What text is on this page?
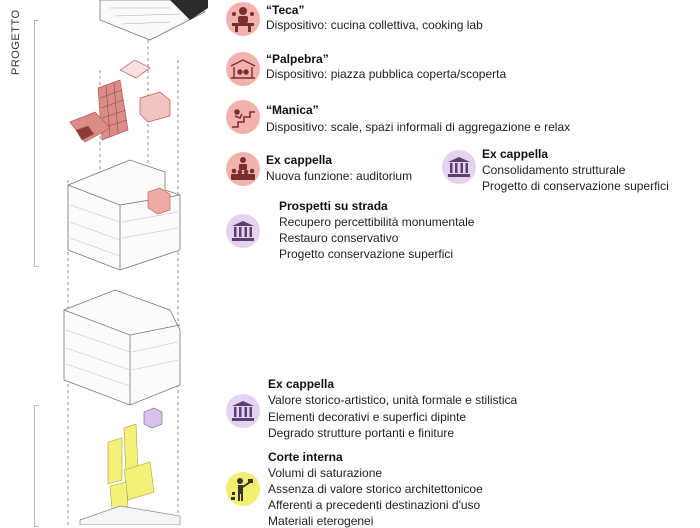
PROGETTO	“Teca”
Dispositivo: cucina collettiva, cooking lab
“Palpebra”
Dispositivo: piazza pubblica coperta/scoperta
“Manica”
Dispositivo: scale, spazi informali di aggregazione e relax
Ex cappella
Nuova funzione: auditorium
Ex cappella
Consolidamento strutturale
Progetto di conservazione superfici
Prospetti su strada
Recupero percettibilità monumentale
Restauro conservativo
Progetto conservazione superfici
Ex cappella
Valore storico-artistico, unità formale e stilistica
Elementi decorativi e superfici dipinte
Degrado strutture portanti e finiture
Corte interna
Volumi di saturazione
Assenza di valore storico architettonicoe
Afferenti a precedenti destinazioni d'uso
Materiali eterogenei
